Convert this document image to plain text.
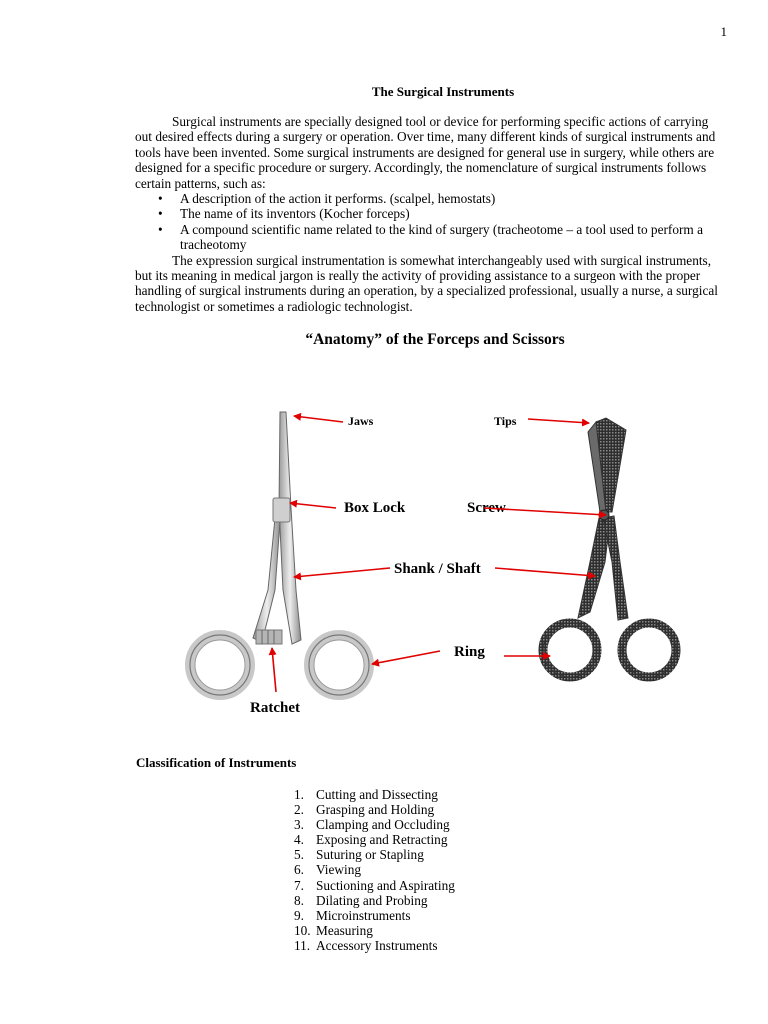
1
The Surgical Instruments

Surgical instruments are specially designed tool or device for performing specific actions of carrying out desired effects during a surgery or operation. Over time, many different kinds of surgical instruments and tools have been invented. Some surgical instruments are designed for general use in surgery, while others are designed for a specific procedure or surgery. Accordingly, the nomenclature of surgical instruments follows certain patterns, such as:

• A description of the action it performs. (scalpel, hemostats)
• The name of its inventors (Kocher forceps)
• A compound scientific name related to the kind of surgery (tracheotome – a tool used to perform a tracheotomy

The expression surgical instrumentation is somewhat interchangeably used with surgical instruments, but its meaning in medical jargon is really the activity of providing assistance to a surgeon with the proper handling of surgical instruments during an operation, by a specialized professional, usually a nurse, a surgical technologist or sometimes a radiologic technologist.

“Anatomy” of the Forceps and Scissors
Jaws	Tips
Box Lock	Screw
Shank / Shaft
Ring
Ratchet
Classification of Instruments
1. Cutting and Dissecting
2. Grasping and Holding
3. Clamping and Occluding
4. Exposing and Retracting
5. Suturing or Stapling
6. Viewing
7. Suctioning and Aspirating
8. Dilating and Probing
9. Microinstruments
10. Measuring
11. Accessory Instruments
